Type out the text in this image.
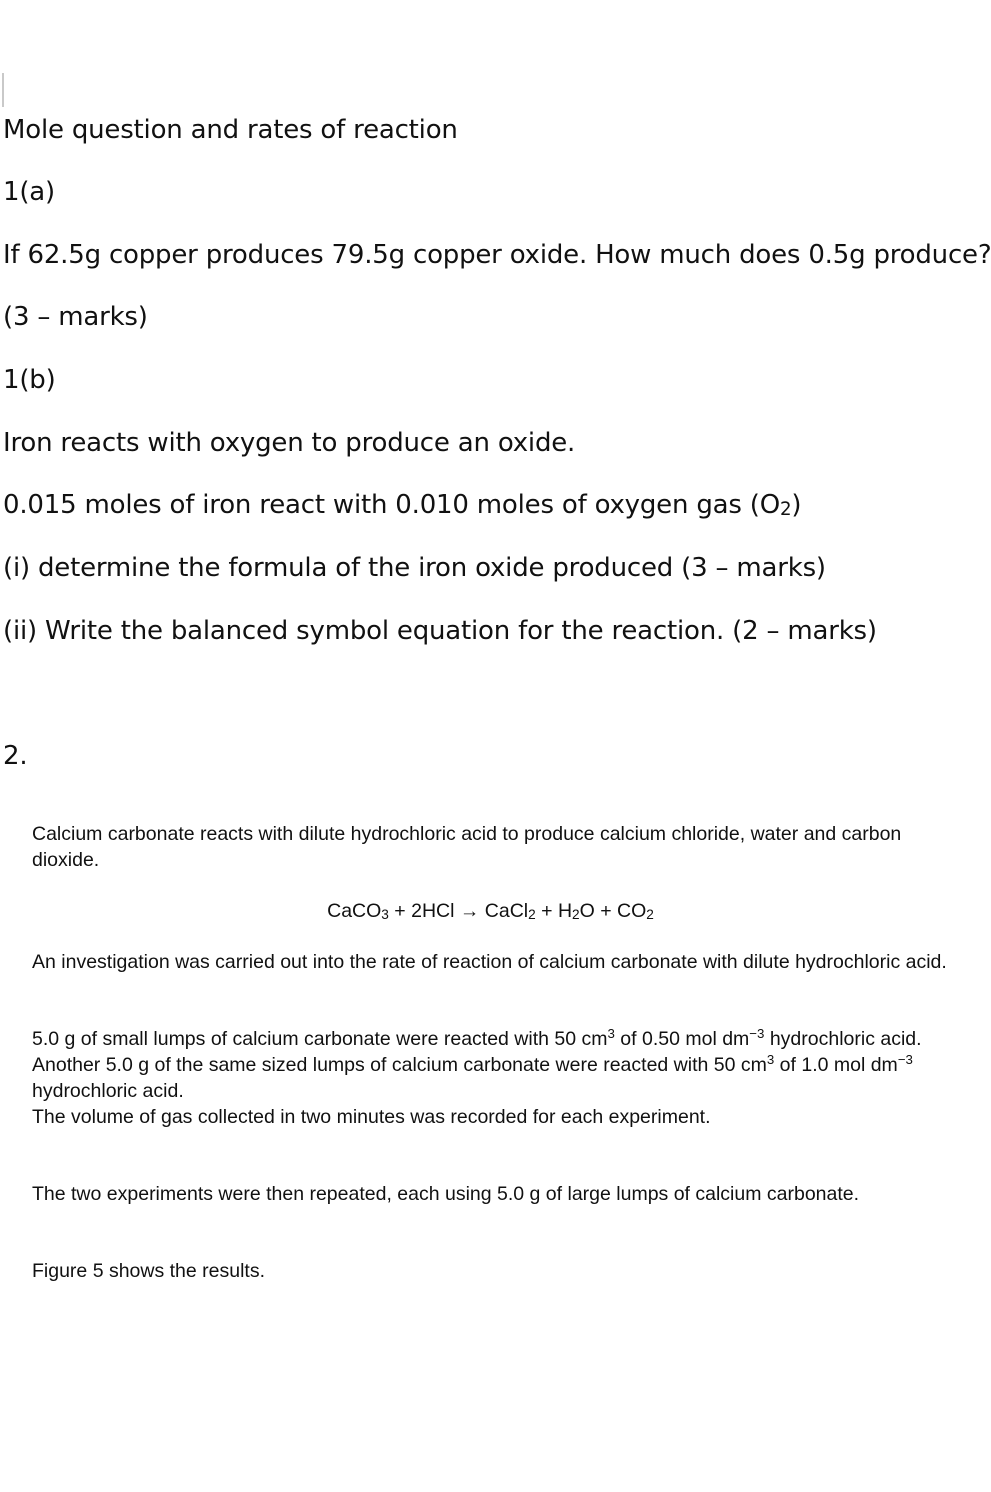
Mole question and rates of reaction

1(a)

If 62.5g copper produces 79.5g copper oxide. How much does 0.5g produce?

(3 – marks)

1(b)

Iron reacts with oxygen to produce an oxide.

0.015 moles of iron react with 0.010 moles of oxygen gas $(O_2)$

(i) determine the formula of the iron oxide produced (3 – marks)

(ii) Write the balanced symbol equation for the reaction. (2 – marks)

2.

Calcium carbonate reacts with dilute hydrochloric acid to produce calcium chloride, water and carbon dioxide.

CaCO$_3$ + 2HCl → CaCl$_2$ + $H_2O + CO_2$

An investigation was carried out into the rate of reaction of calcium carbonate with dilute hydrochloric acid.

5.0 g of small lumps of calcium carbonate were reacted with 50 $cm^3$ of 0.50 mol $dm^{-3}$ hydrochloric acid.
Another 5.0 g of the same sized lumps of calcium carbonate were reacted with 50 $cm^3$ of 1.0 mol $dm^{-3}$ hydrochloric acid.
The volume of gas collected in two minutes was recorded for each experiment.

The two experiments were then repeated, each using 5.0 g of large lumps of calcium carbonate.

Figure 5 shows the results.
